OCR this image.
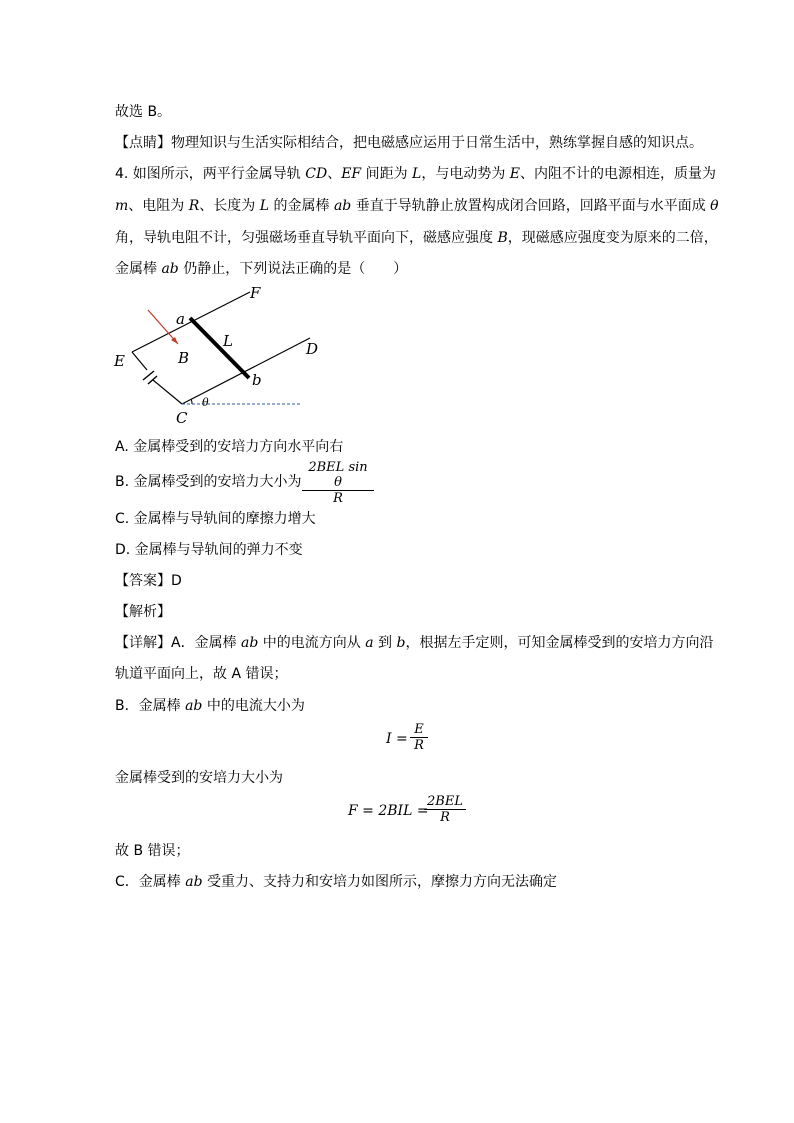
故选 B。
【点睛】物理知识与生活实际相结合，把电磁感应运用于日常生活中，熟练掌握自感的知识点。
4. 如图所示，两平行金属导轨 CD、EF 间距为 L，与电动势为 E、内阻不计的电源相连，质量为
m、电阻为 R、长度为 L 的金属棒 ab 垂直于导轨静止放置构成闭合回路，回路平面与水平面成 θ
角，导轨电阻不计，匀强磁场垂直导轨平面向下，磁感应强度 B，现磁感应强度变为原来的二倍，
金属棒 ab 仍静止，下列说法正确的是（　　）
F
a
L	D
E	B
b
C
θ
A. 金属棒受到的安培力方向水平向右
B. 金属棒受到的安培力大小为
2BEL sin θ
R
C. 金属棒与导轨间的摩擦力增大
D. 金属棒与导轨间的弹力不变
【答案】D
【解析】
【详解】A．金属棒 ab 中的电流方向从 a 到 b，根据左手定则，可知金属棒受到的安培力方向沿
轨道平面向上，故 A 错误；
B．金属棒 ab 中的电流大小为
I =
E
R
金属棒受到的安培力大小为
F = 2BIL =
2BEL
R
故 B 错误；
C．金属棒 ab 受重力、支持力和安培力如图所示，摩擦力方向无法确定
